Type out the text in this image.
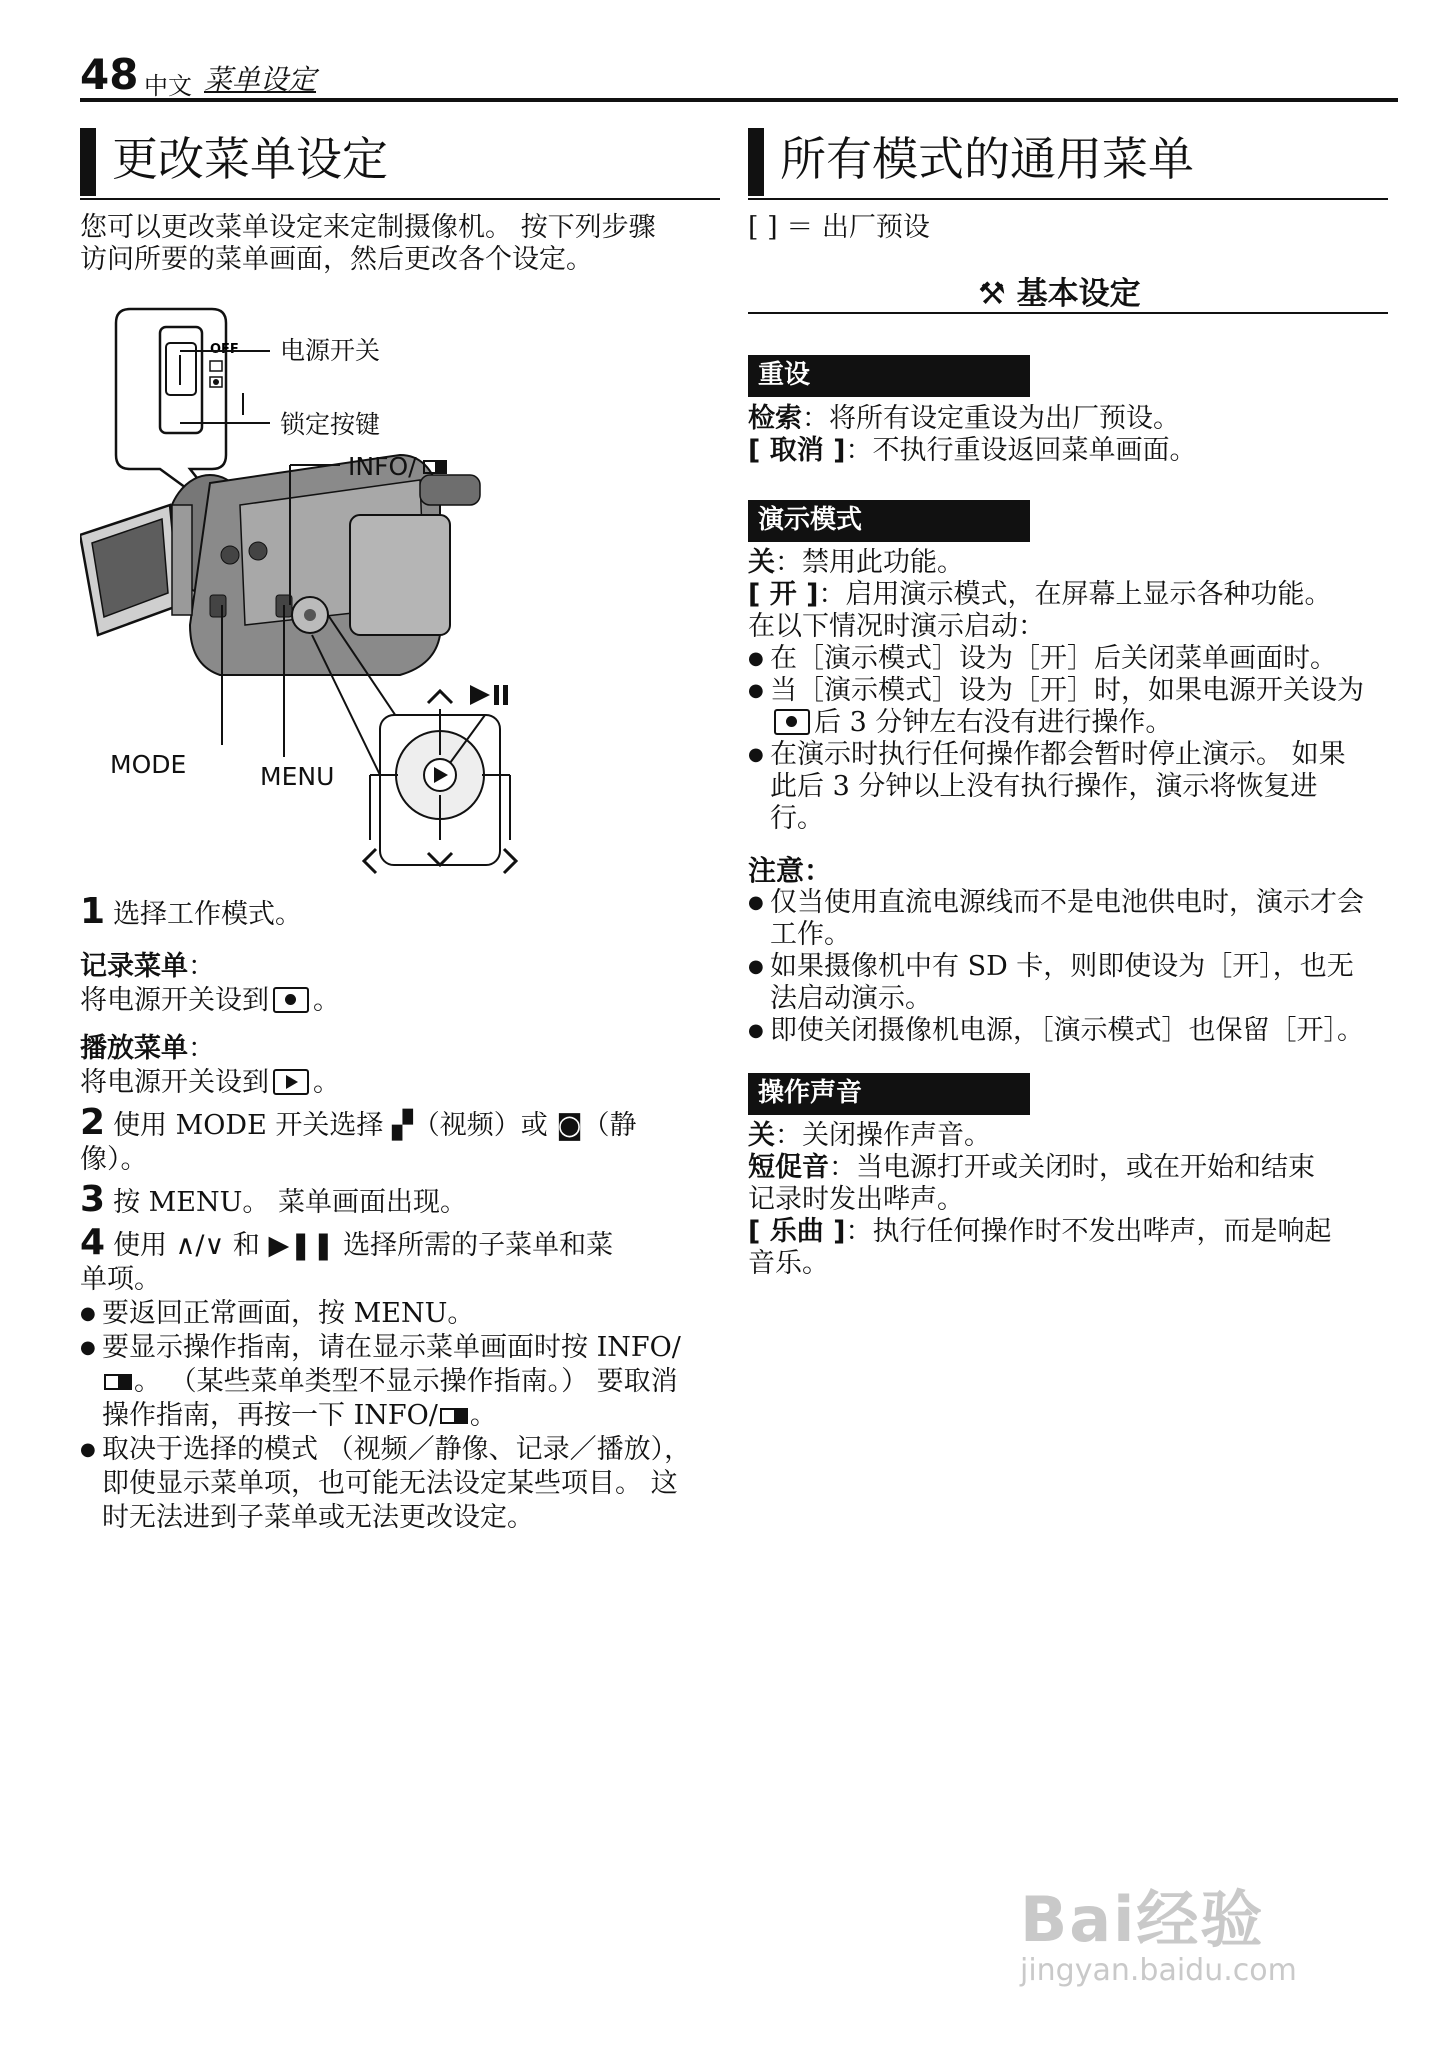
48 中文 菜单设定
更改菜单设定
您可以更改菜单设定来定制摄像机。 按下列步骤
访问所要的菜单画面，然后更改各个设定。
OFF 电源开关
锁定按键
INFO/
MODE	MENU
1 选择工作模式。
记录菜单：
将电源开关设到 。
播放菜单：
将电源开关设到 。
2 使用 MODE 开关选择 ▞（视频）或 ◙（静
像）。
3 按 MENU。 菜单画面出现。
4 使用 ∧/∨ 和 ▶❚❚ 选择所需的子菜单和菜
单项。
● 要返回正常画面，按 MENU。
● 要显示操作指南，请在显示菜单画面时按 INFO/
。 （某些菜单类型不显示操作指南。） 要取消
操作指南，再按一下 INFO/ 。
● 取决于选择的模式 （视频／静像、记录／播放），
即使显示菜单项，也可能无法设定某些项目。 这
时无法进到子菜单或无法更改设定。
所有模式的通用菜单
[ ] ＝ 出厂预设
⚒ 基本设定
重设
检索：将所有设定重设为出厂预设。
[ 取消 ]：不执行重设返回菜单画面。
演示模式
关：禁用此功能。
[ 开 ]：启用演示模式，在屏幕上显示各种功能。
在以下情况时演示启动：
● 在［演示模式］设为［开］后关闭菜单画面时。
● 当［演示模式］设为［开］时，如果电源开关设为
后 3 分钟左右没有进行操作。
● 在演示时执行任何操作都会暂时停止演示。 如果
此后 3 分钟以上没有执行操作，演示将恢复进
行。
注意：
● 仅当使用直流电源线而不是电池供电时，演示才会
工作。
● 如果摄像机中有 SD 卡，则即使设为［开］，也无
法启动演示。
● 即使关闭摄像机电源，［演示模式］也保留［开］。
操作声音
关：关闭操作声音。
短促音：当电源打开或关闭时，或在开始和结束
记录时发出哔声。
[ 乐曲 ]：执行任何操作时不发出哔声，而是响起
音乐。
Bai经验
jingyan.baidu.com
